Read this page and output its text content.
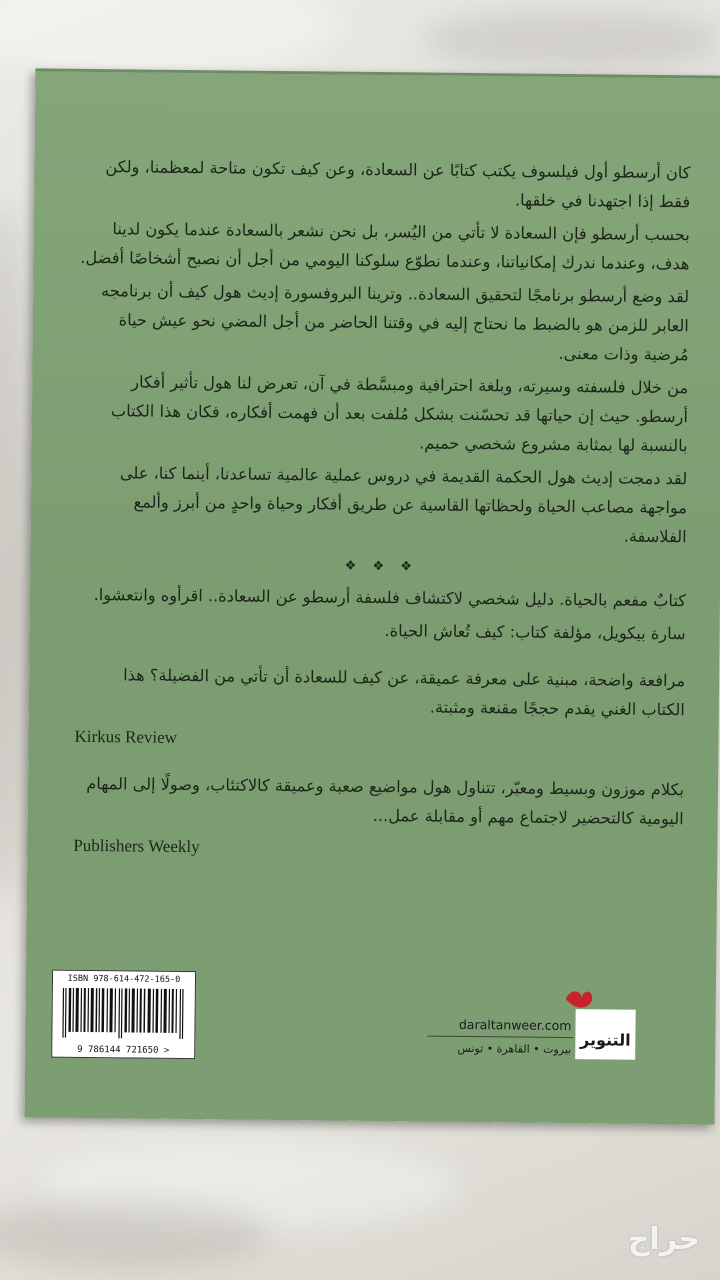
كان أرسطو أول فيلسوف يكتب كتابًا عن السعادة، وعن كيف تكون متاحة لمعظمنا، ولكن فقط إذا اجتهدنا في خلقها.

بحسب أرسطو فإن السعادة لا تأتي من اليُسر، بل نحن نشعر بالسعادة عندما يكون لدينا هدف، وعندما ندرك إمكانياتنا، وعندما نطوّع سلوكنا اليومي من أجل أن نصبح أشخاصًا أفضل.

لقد وضع أرسطو برنامجًا لتحقيق السعادة.. وترينا البروفسورة إديث هول كيف أن برنامجه العابر للزمن هو بالضبط ما نحتاج إليه في وقتنا الحاضر من أجل المضي نحو عيش حياة مُرضية وذات معنى.

من خلال فلسفته وسيرته، وبلغة احترافية ومبسَّطة في آن، تعرض لنا هول تأثير أفكار أرسطو. حيث إن حياتها قد تحسّنت بشكل مُلفت بعد أن فهمت أفكاره، فكان هذا الكتاب بالنسبة لها بمثابة مشروع شخصي حميم.

لقد دمجت إديث هول الحكمة القديمة في دروس عملية عالمية تساعدنا، أينما كنا، على مواجهة مصاعب الحياة ولحظاتها القاسية عن طريق أفكار وحياة واحدٍ من أبرز وألمع الفلاسفة.

❖ ❖ ❖

كتابٌ مفعم بالحياة. دليل شخصي لاكتشاف فلسفة أرسطو عن السعادة.. اقرأوه وانتعشوا.

سارة بيكويل، مؤلفة كتاب: كيف تُعاش الحياة.

مرافعة واضحة، مبنية على معرفة عميقة، عن كيف للسعادة أن تأتي من الفضيلة؟ هذا الكتاب الغني يقدم حججًا مقنعة ومثبتة.

Kirkus Review

بكلام موزون وبسيط ومعبّر، تتناول هول مواضيع صعبة وعميقة كالاكتئاب، وصولًا إلى المهام اليومية كالتحضير لاجتماع مهم أو مقابلة عمل...

Publishers Weekly
ISBN 978-614-472-165-0
9 786144 721650 >
daraltanweer.com
بيروت • القاهرة • تونس التنوير
حراج
